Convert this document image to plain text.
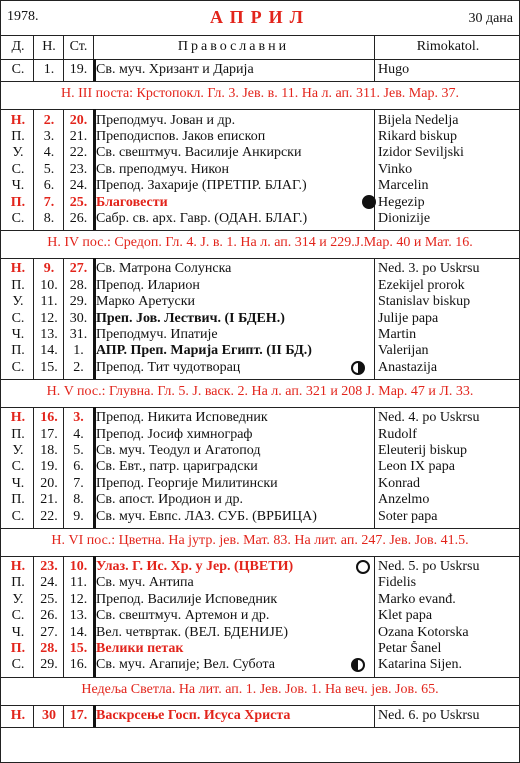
1978.	АПРИЛ	30 дана
Д.	Н. Ст.	Православни	Rimokatol.
С.	1.	19. Св. муч. Хризант и Дарија	Hugo
Н. III поста: Крстопокл. Гл. 3. Јев. в. 11. На л. ап. 311. Јев. Мар. 37.
Н.	2.	20. Преподмуч. Јован и др.	Bijela Nedelja
П.	3.	21. Преподиспов. Јаков епископ	Rikard biskup
У.	4.	22. Св. свештмуч. Василије Анкирски	Izidor Seviljski
С.	5.	23. Св. преподмуч. Никон	Vinko
Ч.	6.	24. Препод. Захарије (ПРЕТПР. БЛАГ.)	Marcelin
П.	7.	25. Благовести	Hegezip
С.	8.	26. Сабр. св. арх. Гавр. (ОДАН. БЛАГ.)	Dionizije
Н. IV пос.: Средоп. Гл. 4. Ј. в. 1. На л. ап. 314 и 229.Ј.Мар. 40 и Мат. 16.
Н.	9.	27. Св. Матрона Солунска	Ned. 3. po Uskrsu
П.	10. 28. Препод. Иларион	Ezekijel prorok
У.	11. 29. Марко Аретуски	Stanislav biskup
С.	12. 30. Преп. Јов. Лествич. (I БДЕН.)	Julije papa
Ч.	13. 31. Преподмуч. Ипатије	Martin
П.	14.	1. АПР. Преп. Марија Египт. (II БД.)	Valerijan
С.	15.	2. Препод. Тит чудотворац	Anastazija
Н. V пос.: Глувна. Гл. 5. Ј. васк. 2. На л. ап. 321 и 208 Ј. Мар. 47 и Л. 33.
Н.	16.	3. Препод. Никита Исповедник	Ned. 4. po Uskrsu
П.	17.	4. Препод. Јосиф химнограф	Rudolf
У.	18.	5. Св. муч. Теодул и Агатопод	Eleuterij biskup
С.	19.	6. Св. Евт., патр. цариградски	Leon IX papa
Ч.	20.	7. Препод. Георгије Милитински	Konrad
П.	21.	8. Св. апост. Иродион и др.	Anzelmo
С.	22.	9. Св. муч. Евпс. ЛАЗ. СУБ. (ВРБИЦА)	Soter papa
Н. VI пос.: Цветна. На јутр. јев. Мат. 83. На лит. ап. 247. Јев. Јов. 41.5.
Н.	23. 10. Улаз. Г. Ис. Хр. у Јер. (ЦВЕТИ)	Ned. 5. po Uskrsu
П.	24. 11. Св. муч. Антипа	Fidelis
У.	25. 12. Препод. Василије Исповедник	Marko evanđ.
С.	26. 13. Св. свештмуч. Артемон и др.	Klet papa
Ч.	27. 14. Вел. четвртак. (ВЕЛ. БДЕНИЈЕ)	Ozana Kotorska
П.	28. 15. Велики петак	Petar Šanel
С.	29. 16. Св. муч. Агапије; Вел. Субота	Katarina Sijen.
Недеља Светла. На лит. ап. 1. Јев. Јов. 1. На веч. јев. Јов. 65.
Н.	30 17. Васкрсење Госп. Исуса Христа	Ned. 6. po Uskrsu
